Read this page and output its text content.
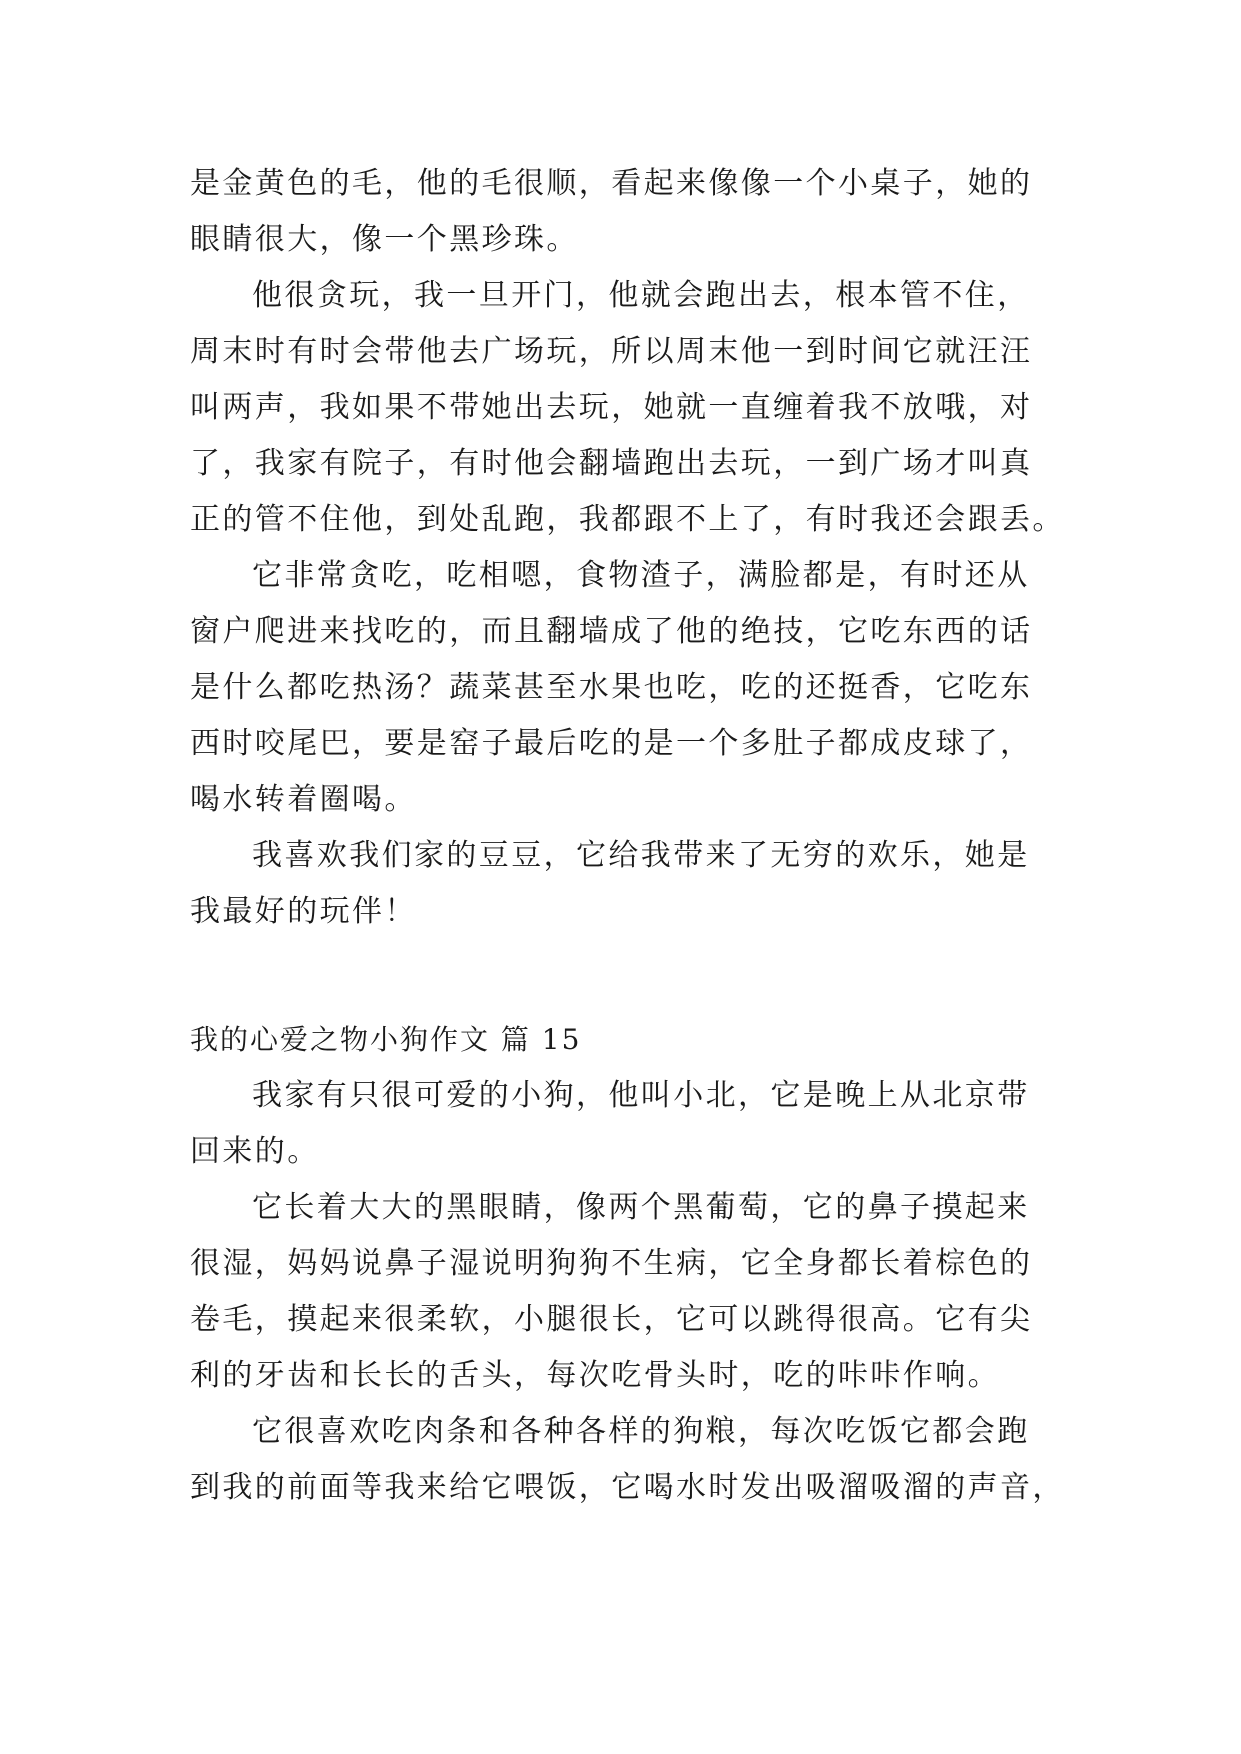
是金黄色的毛，他的毛很顺，看起来像像一个小桌子，她的
眼睛很大，像一个黑珍珠。
他很贪玩，我一旦开门，他就会跑出去，根本管不住，
周末时有时会带他去广场玩，所以周末他一到时间它就汪汪
叫两声，我如果不带她出去玩，她就一直缠着我不放哦，对
了，我家有院子，有时他会翻墙跑出去玩，一到广场才叫真
正的管不住他，到处乱跑，我都跟不上了，有时我还会跟丢。
它非常贪吃，吃相嗯，食物渣子，满脸都是，有时还从
窗户爬进来找吃的，而且翻墙成了他的绝技，它吃东西的话
是什么都吃热汤？蔬菜甚至水果也吃，吃的还挺香，它吃东
西时咬尾巴，要是窑子最后吃的是一个多肚子都成皮球了，
喝水转着圈喝。
我喜欢我们家的豆豆，它给我带来了无穷的欢乐，她是
我最好的玩伴！
我的心爱之物小狗作文 篇 15
我家有只很可爱的小狗，他叫小北，它是晚上从北京带
回来的。
它长着大大的黑眼睛，像两个黑葡萄，它的鼻子摸起来
很湿，妈妈说鼻子湿说明狗狗不生病，它全身都长着棕色的
卷毛，摸起来很柔软，小腿很长，它可以跳得很高。它有尖
利的牙齿和长长的舌头，每次吃骨头时，吃的咔咔作响。
它很喜欢吃肉条和各种各样的狗粮，每次吃饭它都会跑
到我的前面等我来给它喂饭，它喝水时发出吸溜吸溜的声音，
